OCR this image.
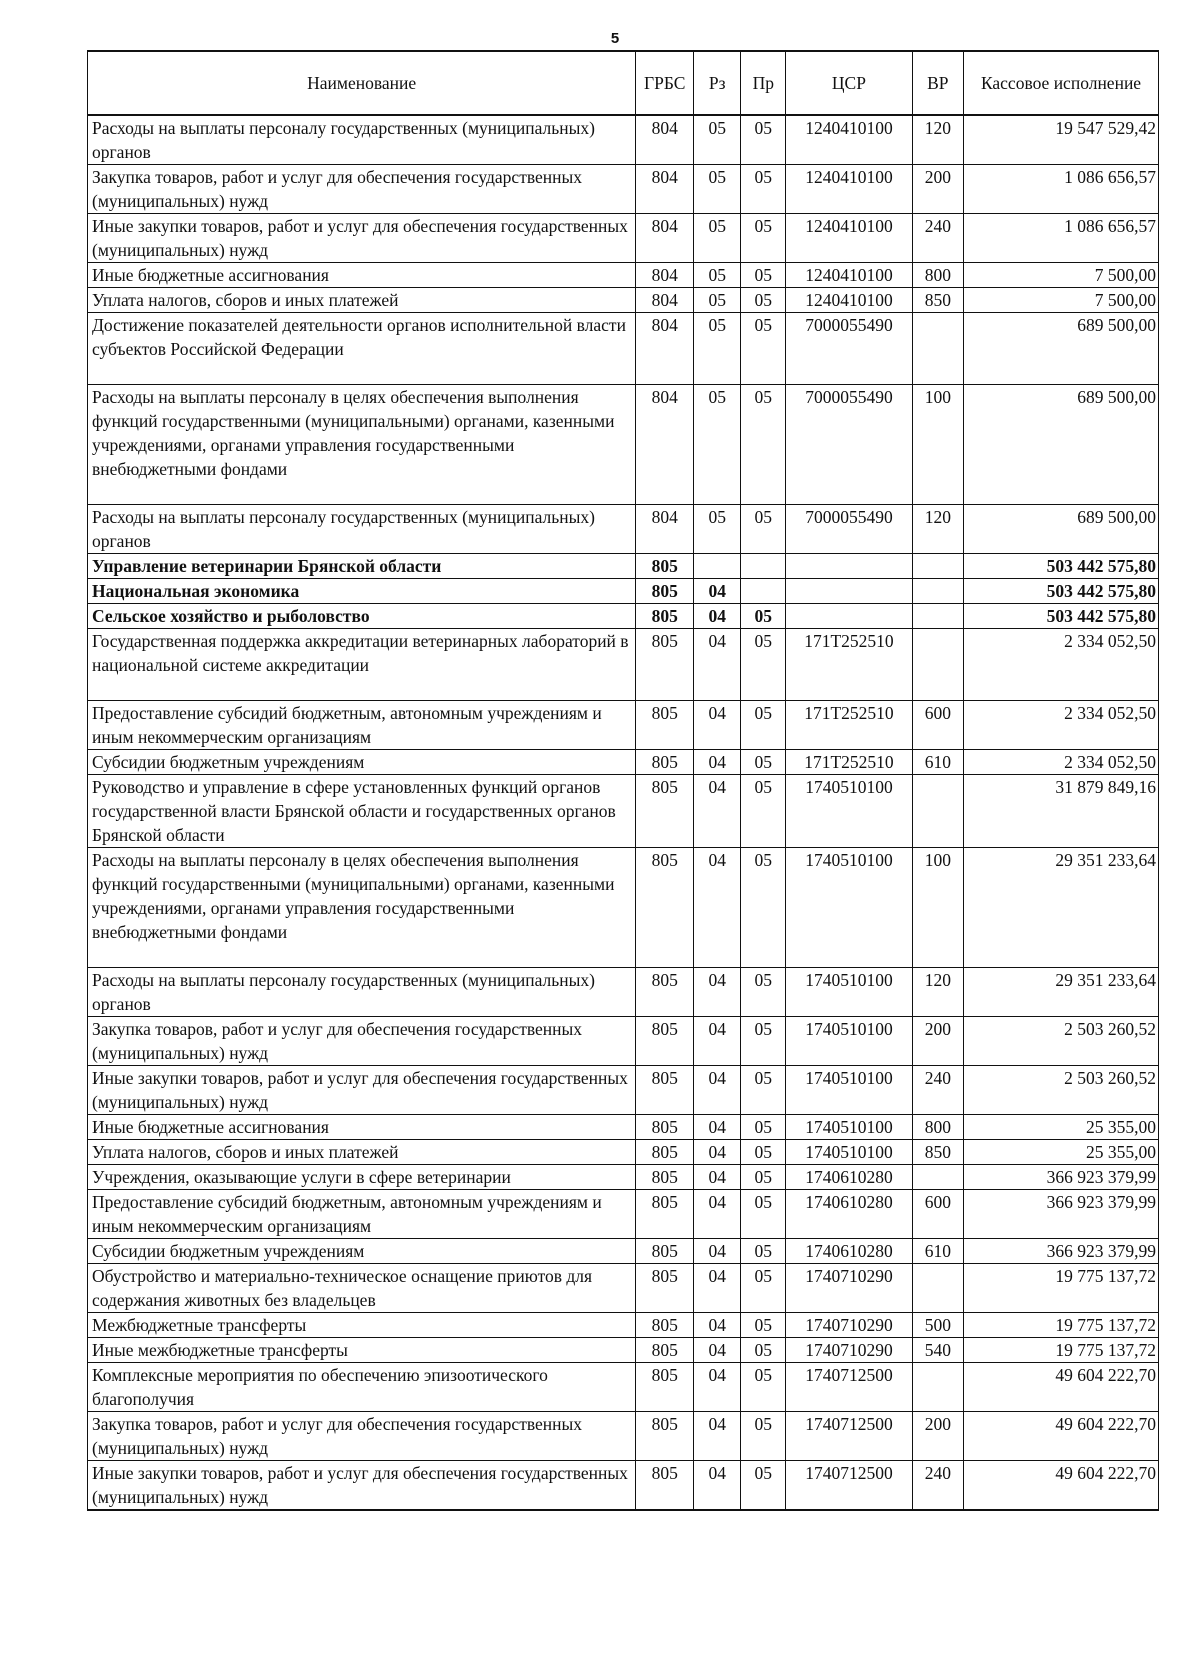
5
Наименование	ГРБС	Рз	Пр	ЦСР	ВР	Кассовое исполнение
Расходы на выплаты персоналу государственных (муниципальных) органов	804	05	05	1240410100	120	19 547 529,42
Закупка товаров, работ и услуг для обеспечения государственных (муниципальных) нужд	804	05	05	1240410100	200	1 086 656,57
Иные закупки товаров, работ и услуг для обеспечения государственных (муниципальных) нужд	804	05	05	1240410100	240	1 086 656,57
Иные бюджетные ассигнования	804	05	05	1240410100	800	7 500,00
Уплата налогов, сборов и иных платежей	804	05	05	1240410100	850	7 500,00
Достижение показателей деятельности органов исполнительной власти субъектов Российской Федерации	804	05	05	7000055490		689 500,00
Расходы на выплаты персоналу в целях обеспечения выполнения функций государственными (муниципальными) органами, казенными учреждениями, органами управления государственными внебюджетными фондами	804	05	05	7000055490	100	689 500,00
Расходы на выплаты персоналу государственных (муниципальных) органов	804	05	05	7000055490	120	689 500,00
Управление ветеринарии Брянской области	805					503 442 575,80
Национальная экономика	805	04				503 442 575,80
Сельское хозяйство и рыболовство	805	04	05			503 442 575,80
Государственная поддержка аккредитации ветеринарных лабораторий в национальной системе аккредитации	805	04	05	171T252510		2 334 052,50
Предоставление субсидий бюджетным, автономным учреждениям и иным некоммерческим организациям	805	04	05	171T252510	600	2 334 052,50
Субсидии бюджетным учреждениям	805	04	05	171T252510	610	2 334 052,50
Руководство и управление в сфере установленных функций органов государственной власти Брянской области и государственных органов Брянской области	805	04	05	1740510100		31 879 849,16
Расходы на выплаты персоналу в целях обеспечения выполнения функций государственными (муниципальными) органами, казенными учреждениями, органами управления государственными внебюджетными фондами	805	04	05	1740510100	100	29 351 233,64
Расходы на выплаты персоналу государственных (муниципальных) органов	805	04	05	1740510100	120	29 351 233,64
Закупка товаров, работ и услуг для обеспечения государственных (муниципальных) нужд	805	04	05	1740510100	200	2 503 260,52
Иные закупки товаров, работ и услуг для обеспечения государственных (муниципальных) нужд	805	04	05	1740510100	240	2 503 260,52
Иные бюджетные ассигнования	805	04	05	1740510100	800	25 355,00
Уплата налогов, сборов и иных платежей	805	04	05	1740510100	850	25 355,00
Учреждения, оказывающие услуги в сфере ветеринарии	805	04	05	1740610280		366 923 379,99
Предоставление субсидий бюджетным, автономным учреждениям и иным некоммерческим организациям	805	04	05	1740610280	600	366 923 379,99
Субсидии бюджетным учреждениям	805	04	05	1740610280	610	366 923 379,99
Обустройство и материально-техническое оснащение приютов для содержания животных без владельцев	805	04	05	1740710290		19 775 137,72
Межбюджетные трансферты	805	04	05	1740710290	500	19 775 137,72
Иные межбюджетные трансферты	805	04	05	1740710290	540	19 775 137,72
Комплексные мероприятия по обеспечению эпизоотического благополучия	805	04	05	1740712500		49 604 222,70
Закупка товаров, работ и услуг для обеспечения государственных (муниципальных) нужд	805	04	05	1740712500	200	49 604 222,70
Иные закупки товаров, работ и услуг для обеспечения государственных (муниципальных) нужд	805	04	05	1740712500	240	49 604 222,70
